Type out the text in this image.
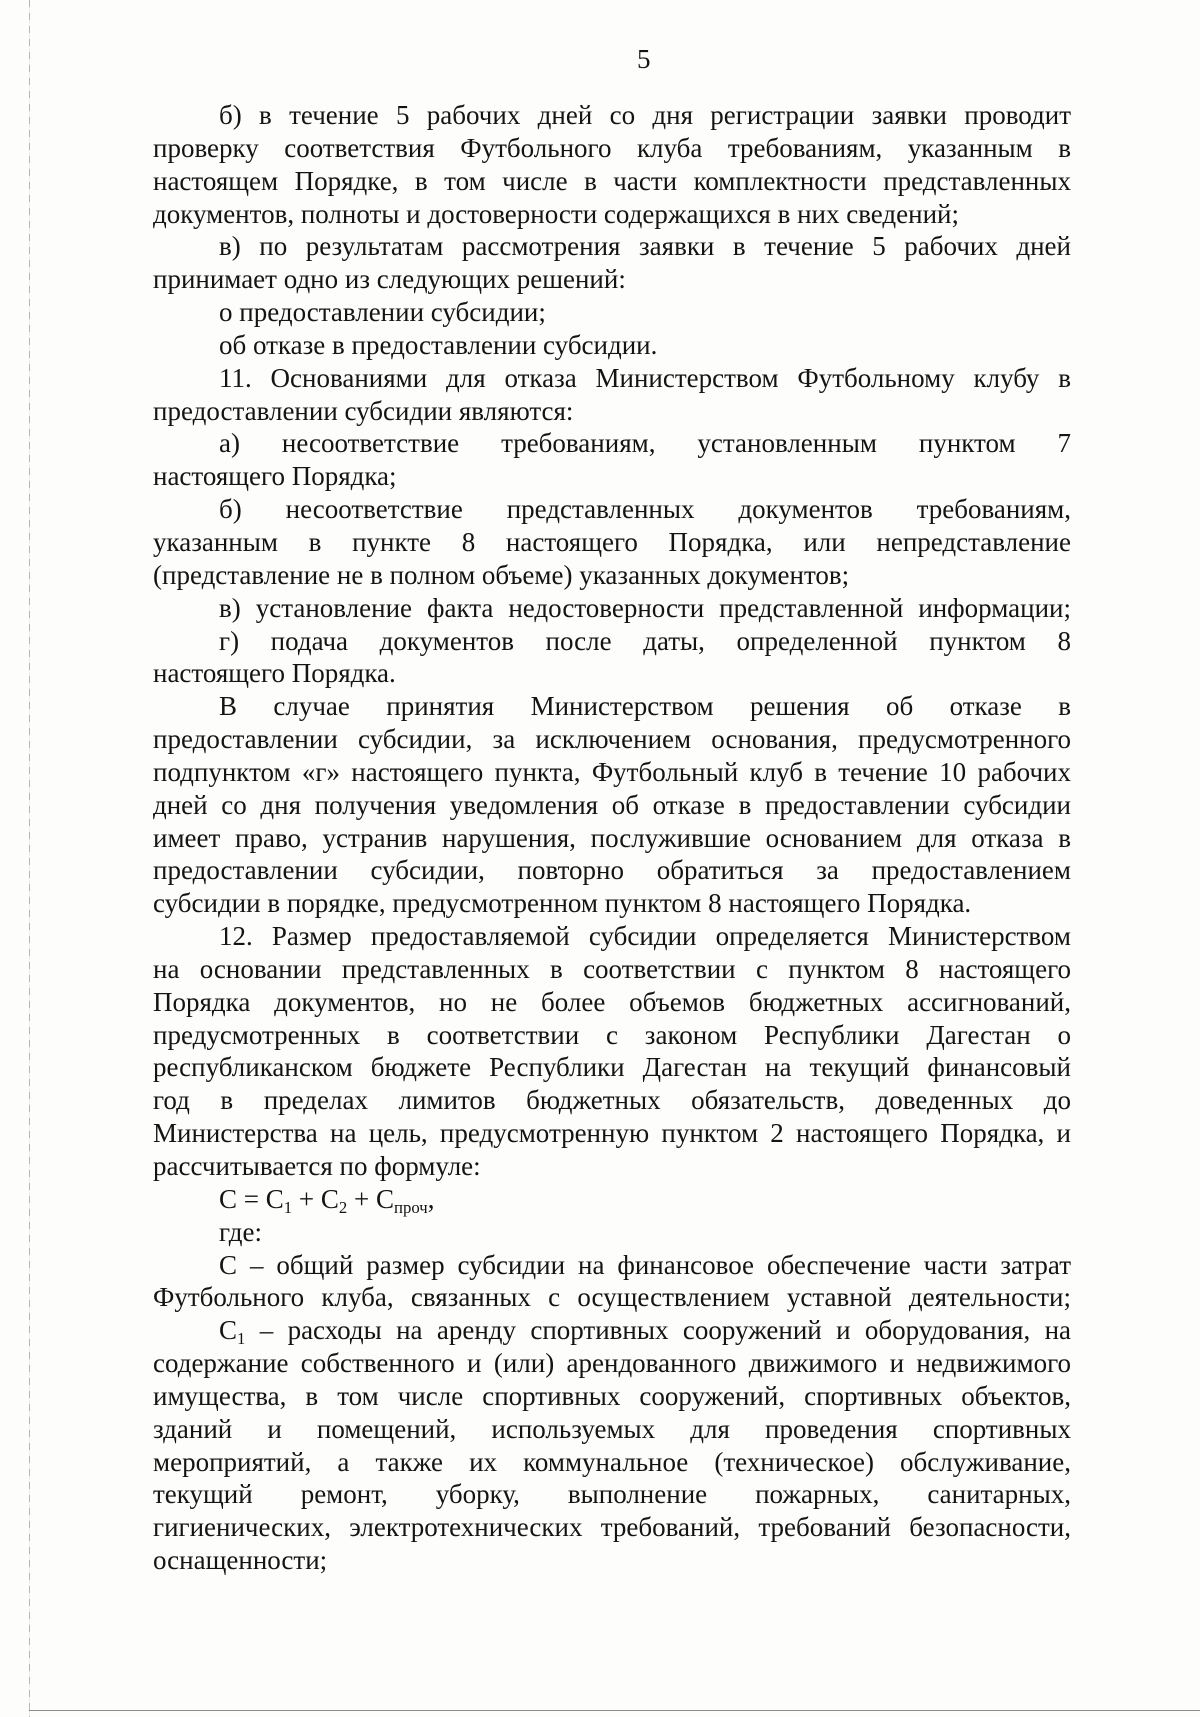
5
б) в течение 5 рабочих дней со дня регистрации заявки проводит
проверку соответствия Футбольного клуба требованиям, указанным в
настоящем Порядке, в том числе в части комплектности представленных
документов, полноты и достоверности содержащихся в них сведений;
в) по результатам рассмотрения заявки в течение 5 рабочих дней
принимает одно из следующих решений:
о предоставлении субсидии;
об отказе в предоставлении субсидии.
11. Основаниями для отказа Министерством Футбольному клубу в
предоставлении субсидии являются:
а) несоответствие требованиям, установленным пунктом 7
настоящего Порядка;
б) несоответствие представленных документов требованиям,
указанным в пункте 8 настоящего Порядка, или непредставление
(представление не в полном объеме) указанных документов;
в) установление факта недостоверности представленной информации;
г) подача документов после даты, определенной пунктом 8
настоящего Порядка.
В случае принятия Министерством решения об отказе в
предоставлении субсидии, за исключением основания, предусмотренного
подпунктом «г» настоящего пункта, Футбольный клуб в течение 10 рабочих
дней со дня получения уведомления об отказе в предоставлении субсидии
имеет право, устранив нарушения, послужившие основанием для отказа в
предоставлении субсидии, повторно обратиться за предоставлением
субсидии в порядке, предусмотренном пунктом 8 настоящего Порядка.
12. Размер предоставляемой субсидии определяется Министерством
на основании представленных в соответствии с пунктом 8 настоящего
Порядка документов, но не более объемов бюджетных ассигнований,
предусмотренных в соответствии с законом Республики Дагестан о
республиканском бюджете Республики Дагестан на текущий финансовый
год в пределах лимитов бюджетных обязательств, доведенных до
Министерства на цель, предусмотренную пунктом 2 настоящего Порядка, и
рассчитывается по формуле:
$С = С_1 + С_2 + С_{проч}$,
где:
С – общий размер субсидии на финансовое обеспечение части затрат
Футбольного клуба, связанных с осуществлением уставной деятельности;
$С_1$ – расходы на аренду спортивных сооружений и оборудования, на
содержание собственного и (или) арендованного движимого и недвижимого
имущества, в том числе спортивных сооружений, спортивных объектов,
зданий и помещений, используемых для проведения спортивных
мероприятий, а также их коммунальное (техническое) обслуживание,
текущий ремонт, уборку, выполнение пожарных, санитарных,
гигиенических, электротехнических требований, требований безопасности,
оснащенности;
